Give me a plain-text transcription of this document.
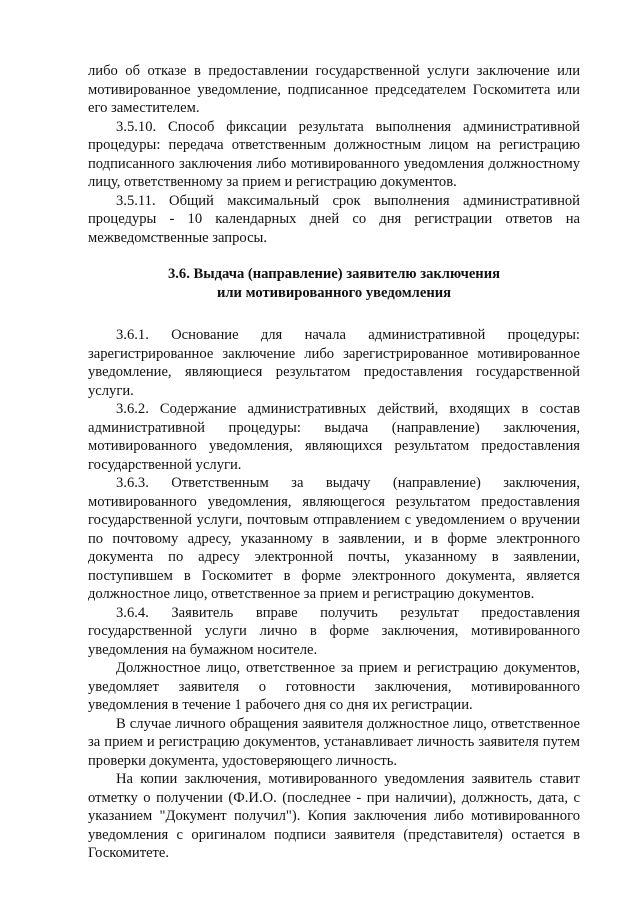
либо об отказе в предоставлении государственной услуги заключение или мотивированное уведомление, подписанное председателем Госкомитета или его заместителем.

3.5.10. Способ фиксации результата выполнения административной процедуры: передача ответственным должностным лицом на регистрацию подписанного заключения либо мотивированного уведомления должностному лицу, ответственному за прием и регистрацию документов.

3.5.11. Общий максимальный срок выполнения административной процедуры - 10 календарных дней со дня регистрации ответов на межведомственные запросы.

3.6. Выдача (направление) заявителю заключения
или мотивированного уведомления

3.6.1. Основание для начала административной процедуры: зарегистрированное заключение либо зарегистрированное мотивированное уведомление, являющиеся результатом предоставления государственной услуги.

3.6.2. Содержание административных действий, входящих в состав административной процедуры: выдача (направление) заключения, мотивированного уведомления, являющихся результатом предоставления государственной услуги.

3.6.3. Ответственным за выдачу (направление) заключения, мотивированного уведомления, являющегося результатом предоставления государственной услуги, почтовым отправлением с уведомлением о вручении по почтовому адресу, указанному в заявлении, и в форме электронного документа по адресу электронной почты, указанному в заявлении, поступившем в Госкомитет в форме электронного документа, является должностное лицо, ответственное за прием и регистрацию документов.

3.6.4. Заявитель вправе получить результат предоставления государственной услуги лично в форме заключения, мотивированного уведомления на бумажном носителе.

Должностное лицо, ответственное за прием и регистрацию документов, уведомляет заявителя о готовности заключения, мотивированного уведомления в течение 1 рабочего дня со дня их регистрации.

В случае личного обращения заявителя должностное лицо, ответственное за прием и регистрацию документов, устанавливает личность заявителя путем проверки документа, удостоверяющего личность.

На копии заключения, мотивированного уведомления заявитель ставит отметку о получении (Ф.И.О. (последнее - при наличии), должность, дата, с указанием "Документ получил"). Копия заключения либо мотивированного уведомления с оригиналом подписи заявителя (представителя) остается в Госкомитете.
